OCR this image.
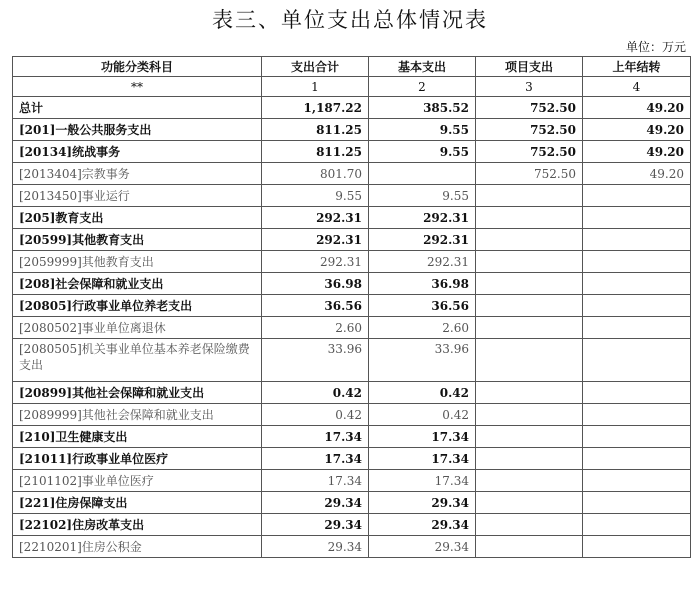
表三、单位支出总体情况表
单位：万元
功能分类科目	支出合计	基本支出	项目支出	上年结转
**	1	2	3	4
总计	1,187.22	385.52	752.50	49.20
[201]一般公共服务支出	811.25	9.55	752.50	49.20
[20134]统战事务	811.25	9.55	752.50	49.20
[2013404]宗教事务	801.70		752.50	49.20
[2013450]事业运行	9.55	9.55		
[205]教育支出	292.31	292.31		
[20599]其他教育支出	292.31	292.31		
[2059999]其他教育支出	292.31	292.31		
[208]社会保障和就业支出	36.98	36.98		
[20805]行政事业单位养老支出	36.56	36.56		
[2080502]事业单位离退休	2.60	2.60		
[2080505]机关事业单位基本养老保险缴费支出	33.96	33.96		
[20899]其他社会保障和就业支出	0.42	0.42		
[2089999]其他社会保障和就业支出	0.42	0.42		
[210]卫生健康支出	17.34	17.34		
[21011]行政事业单位医疗	17.34	17.34		
[2101102]事业单位医疗	17.34	17.34		
[221]住房保障支出	29.34	29.34		
[22102]住房改革支出	29.34	29.34		
[2210201]住房公积金	29.34	29.34		
